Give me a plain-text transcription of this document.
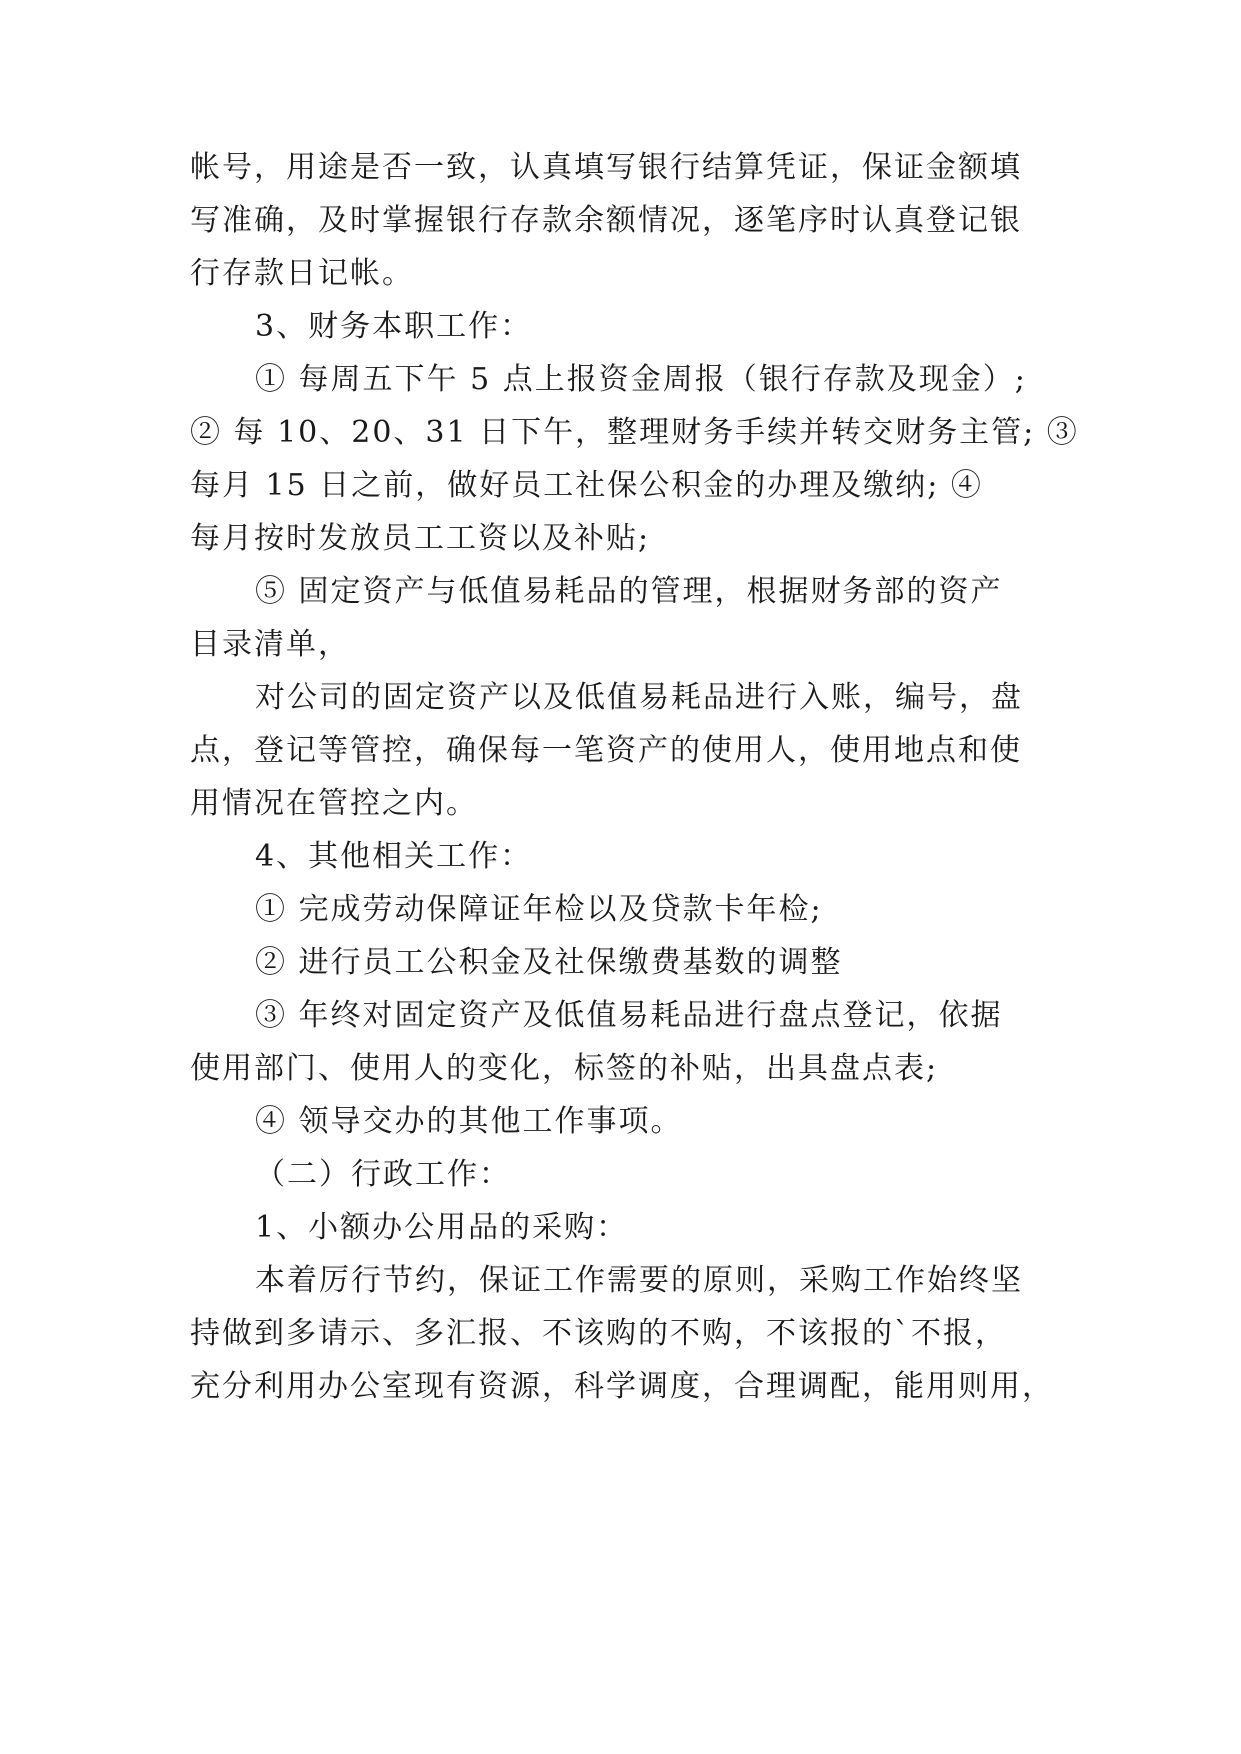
帐号，用途是否一致，认真填写银行结算凭证，保证金额填
写准确，及时掌握银行存款余额情况，逐笔序时认真登记银
行存款日记帐。
3、财务本职工作：
① 每周五下午 5 点上报资金周报（银行存款及现金）;
② 每 10、20、31 日下午，整理财务手续并转交财务主管; ③
每月 15 日之前，做好员工社保公积金的办理及缴纳; ④
每月按时发放员工工资以及补贴;
⑤ 固定资产与低值易耗品的管理，根据财务部的资产
目录清单，
对公司的固定资产以及低值易耗品进行入账，编号，盘
点，登记等管控，确保每一笔资产的使用人，使用地点和使
用情况在管控之内。
4、其他相关工作：
① 完成劳动保障证年检以及贷款卡年检;
② 进行员工公积金及社保缴费基数的调整
③ 年终对固定资产及低值易耗品进行盘点登记，依据
使用部门、使用人的变化，标签的补贴，出具盘点表;
④ 领导交办的其他工作事项。
（二）行政工作：
1、小额办公用品的采购：
本着厉行节约，保证工作需要的原则，采购工作始终坚
持做到多请示、多汇报、不该购的不购，不该报的`不报，
充分利用办公室现有资源，科学调度，合理调配，能用则用，
